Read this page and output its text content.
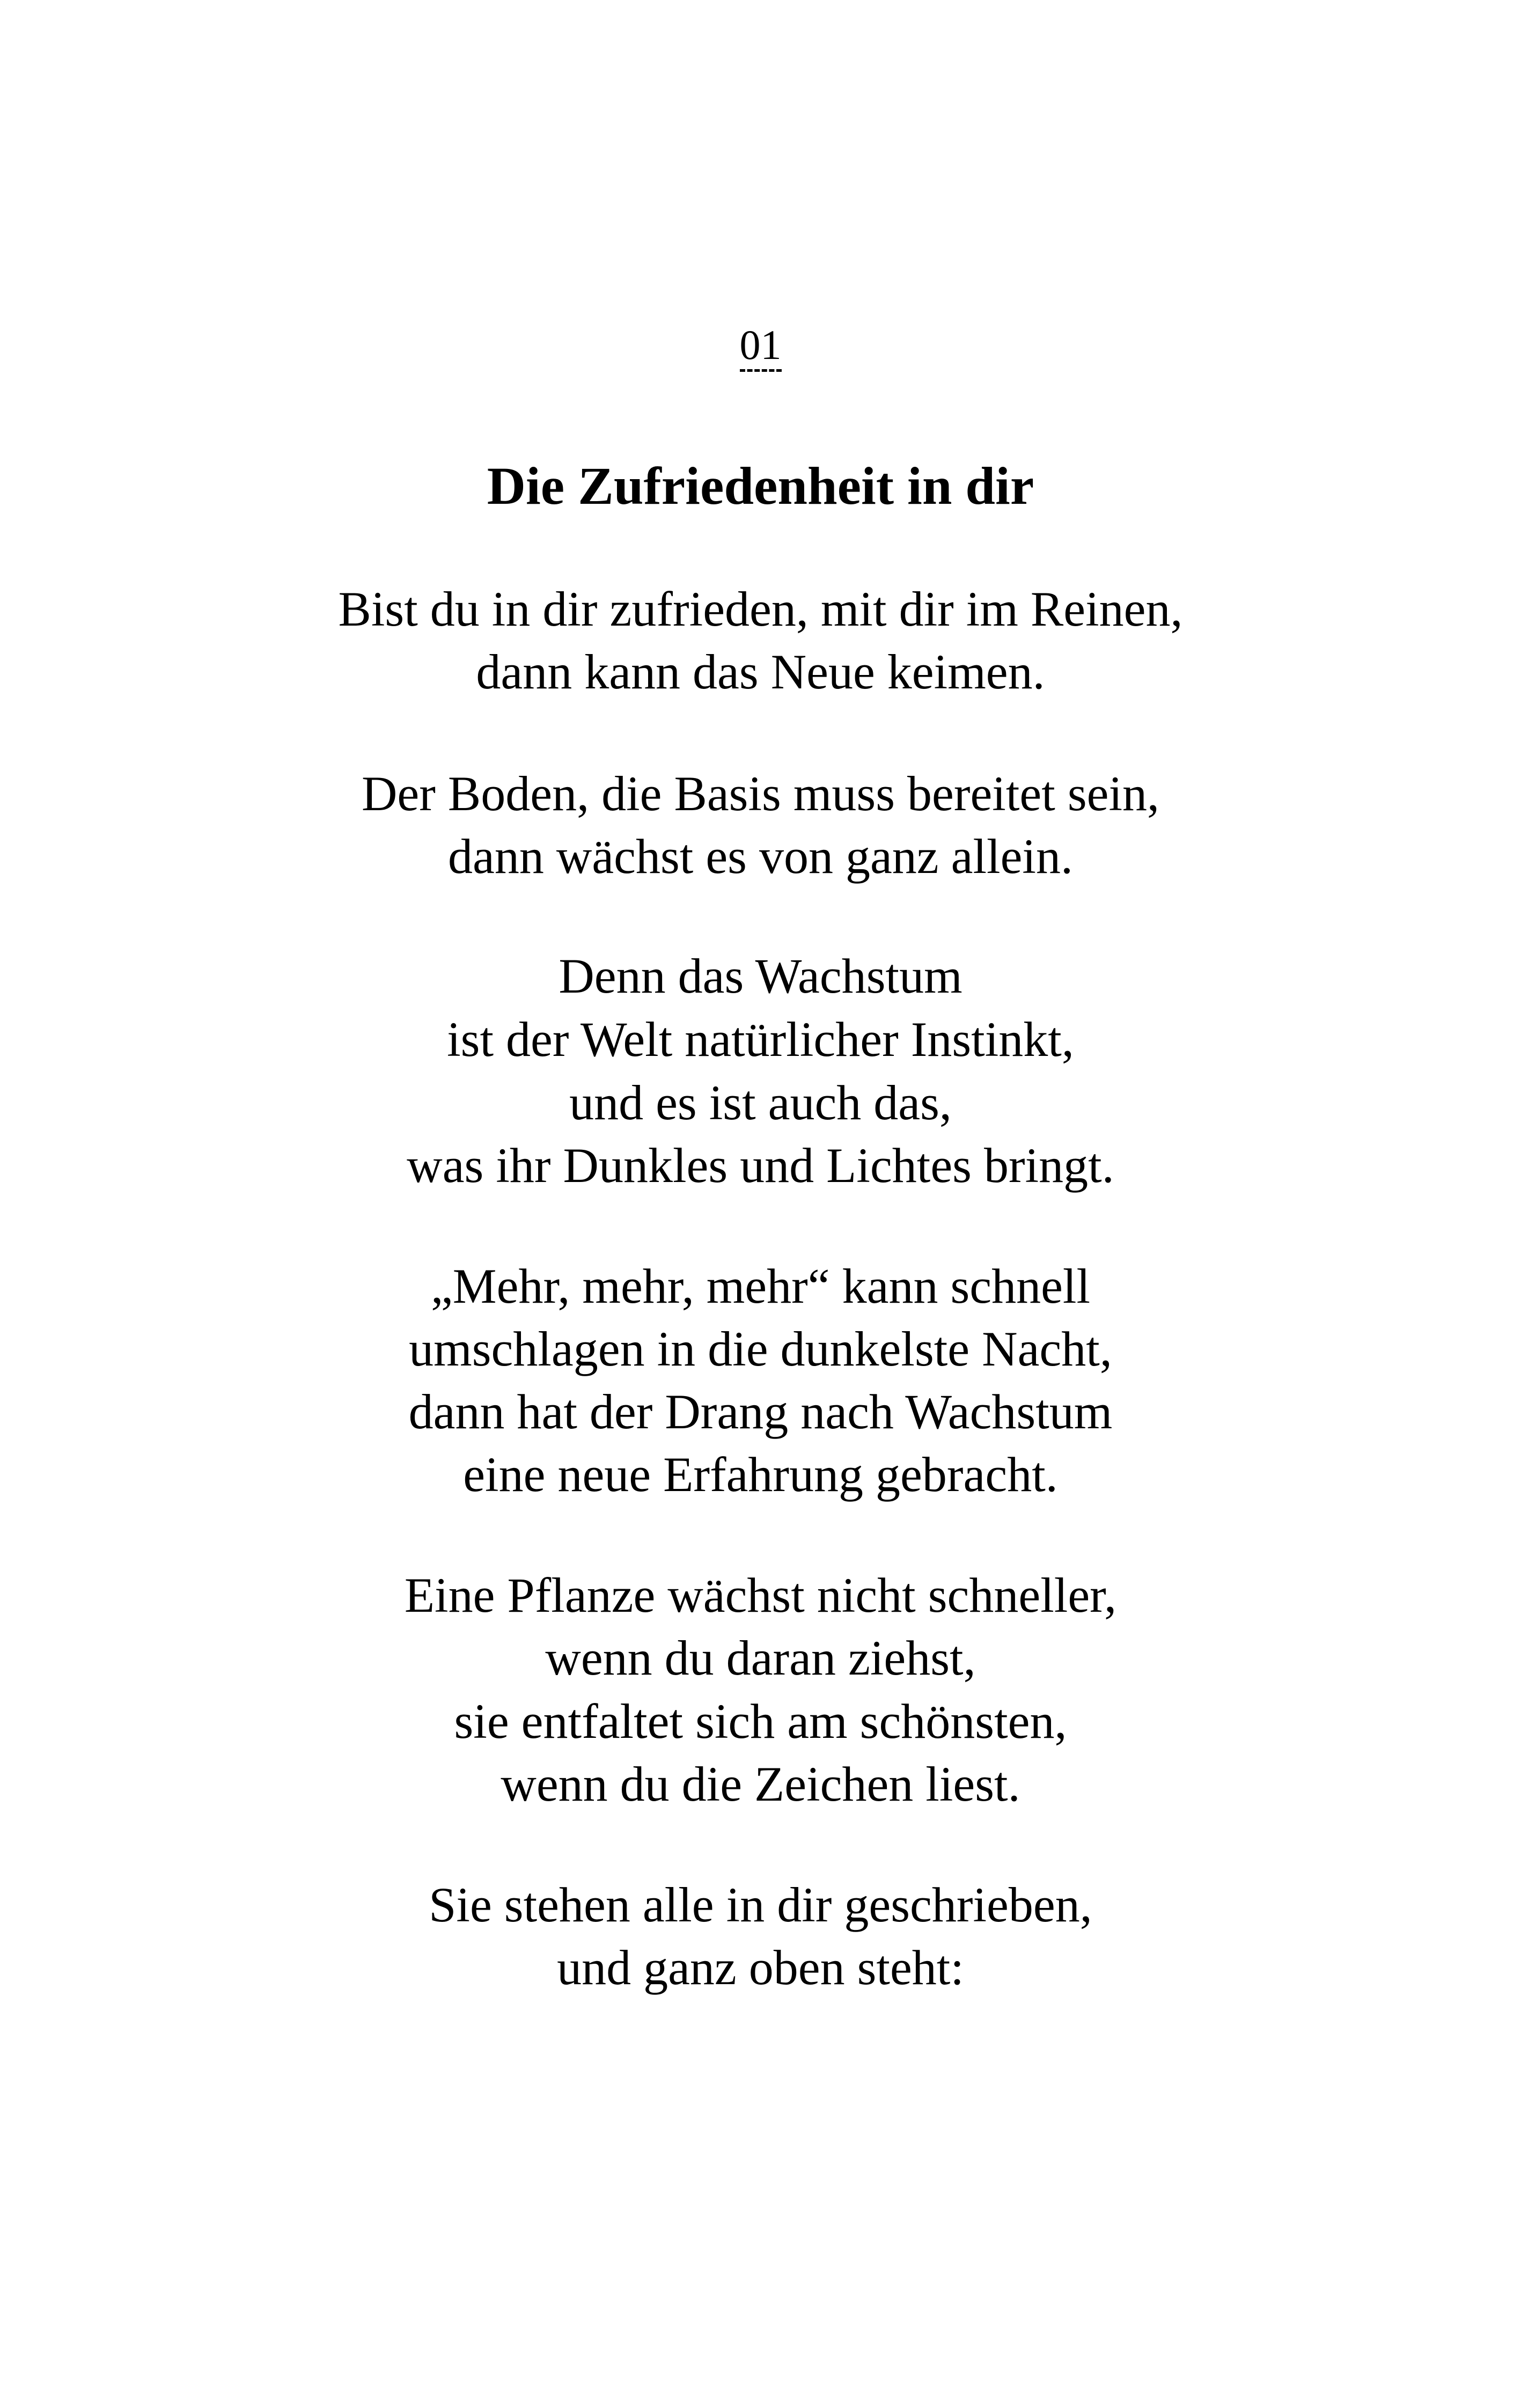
01
Die Zufriedenheit in dir
Bist du in dir zufrieden, mit dir im Reinen,
dann kann das Neue keimen.
Der Boden, die Basis muss bereitet sein,
dann wächst es von ganz allein.
Denn das Wachstum
ist der Welt natürlicher Instinkt,
und es ist auch das,
was ihr Dunkles und Lichtes bringt.
„Mehr, mehr, mehr“ kann schnell
umschlagen in die dunkelste Nacht,
dann hat der Drang nach Wachstum
eine neue Erfahrung gebracht.
Eine Pflanze wächst nicht schneller,
wenn du daran ziehst,
sie entfaltet sich am schönsten,
wenn du die Zeichen liest.
Sie stehen alle in dir geschrieben,
und ganz oben steht:
